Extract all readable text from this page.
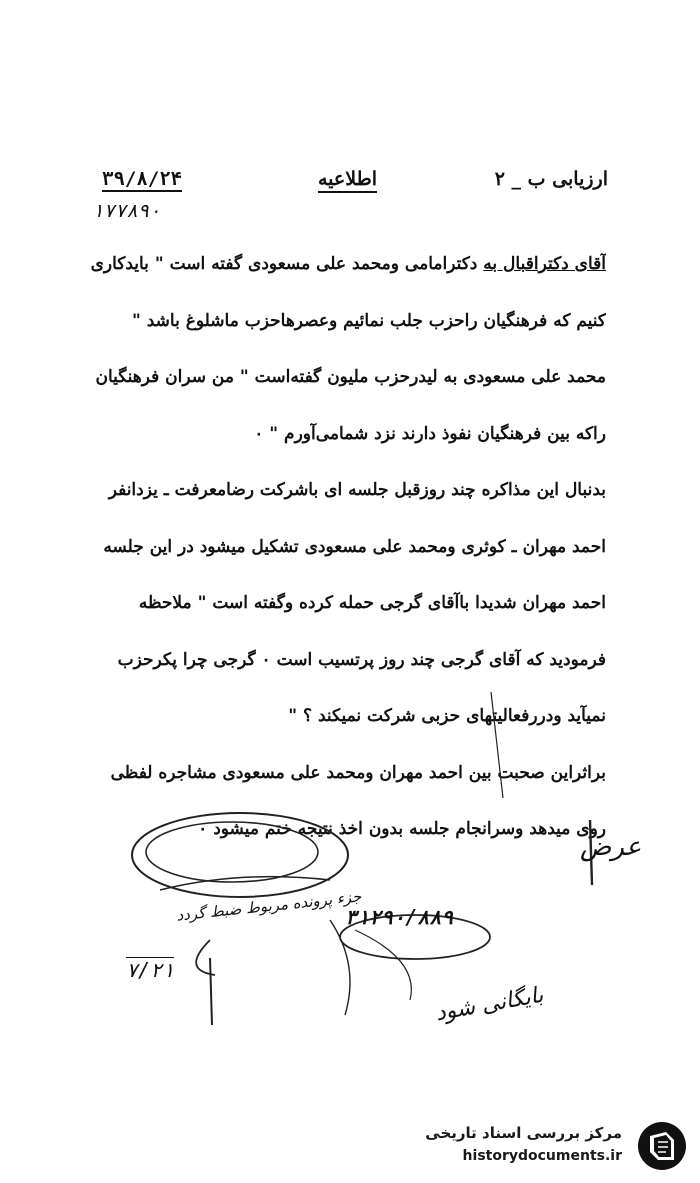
ارزیابی ب _ ۲
اطلاعیه
۳۹/۸/۲۴
۱۷۷۸۹۰
آقای دکتراقبال به دکترامامی ومحمد علی مسعودی گفته است " بایدکاری
کنیم که فرهنگیان راحزب جلب نمائیم وعصرهاحزب ماشلوغ باشد "
محمد علی مسعودی به لیدرحزب ملیون گفته‌است " من سران فرهنگیان
راکه بین فرهنگیان نفوذ دارند نزد شمامی‌آورم " ۰
بدنبال این مذاکره چند روزقبل جلسه ای باشرکت رضامعرفت ـ یزدانفر
احمد مهران ـ کوثری ومحمد علی مسعودی تشکیل میشود در این جلسه
احمد مهران شدیدا باآقای گرجی حمله کرده وگفته است " ملاحظه
فرمودید که آقای گرجی چند روز پرتسیب است ۰ گرجی چرا پکرحزب
نمیآید ودررفعالیتهای حزبی شرکت نمیکند ؟ "
براثراین صحبت بین احمد مهران ومحمد علی مسعودی مشاجره لفظی
روی میدهد وسرانجام جلسه بدون اخذ نتیجه ختم میشود ۰
جزء پرونده مربوط ضبط گردد
۳۱۲۹۰/۸۸۹
۷/۲۱
بایگانی شود
عرض
مرکز بررسی اسناد تاریخی
historydocuments.ir
